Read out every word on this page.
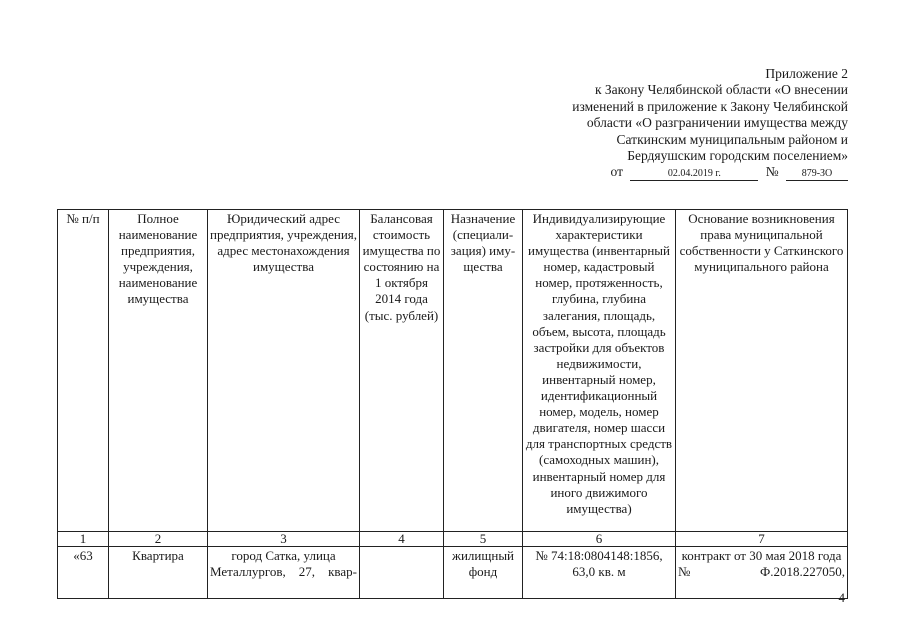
Приложение 2
к Закону Челябинской области «О внесении
изменений в приложение к Закону Челябинской
области «О разграничении имущества между
Саткинским муниципальным районом и
Бердяушским городским поселением»
от	02.04.2019 г.	№ 879-ЗО
№ п/п	Полное наименование предприятия, учреждения, наименование имущества	Юридический адрес предприятия, учреждения, адрес местонахождения имущества	Балансовая стоимость имущества по состоянию на 1 октября 2014 года (тыс. рублей)	Назначение (специали-зация) иму-щества	Индивидуализирующие характеристики имущества (инвентарный номер, кадастровый номер, протяженность, глубина, глубина залегания, площадь, объем, высота, площадь застройки для объектов недвижимости, инвентарный номер, идентификационный номер, модель, номер двигателя, номер шасси для транспортных средств (самоходных машин), инвентарный номер для иного движимого имущества)	Основание возникновения права муниципальной собственности у Саткинского муниципального района
1	2	3	4	5	6	7
«63	Квартира	город Сатка, улица Металлургов, 27, квар-		жилищный фонд	№ 74:18:0804148:1856, 63,0 кв. м	контракт от 30 мая 2018 года № Ф.2018.227050,
4
